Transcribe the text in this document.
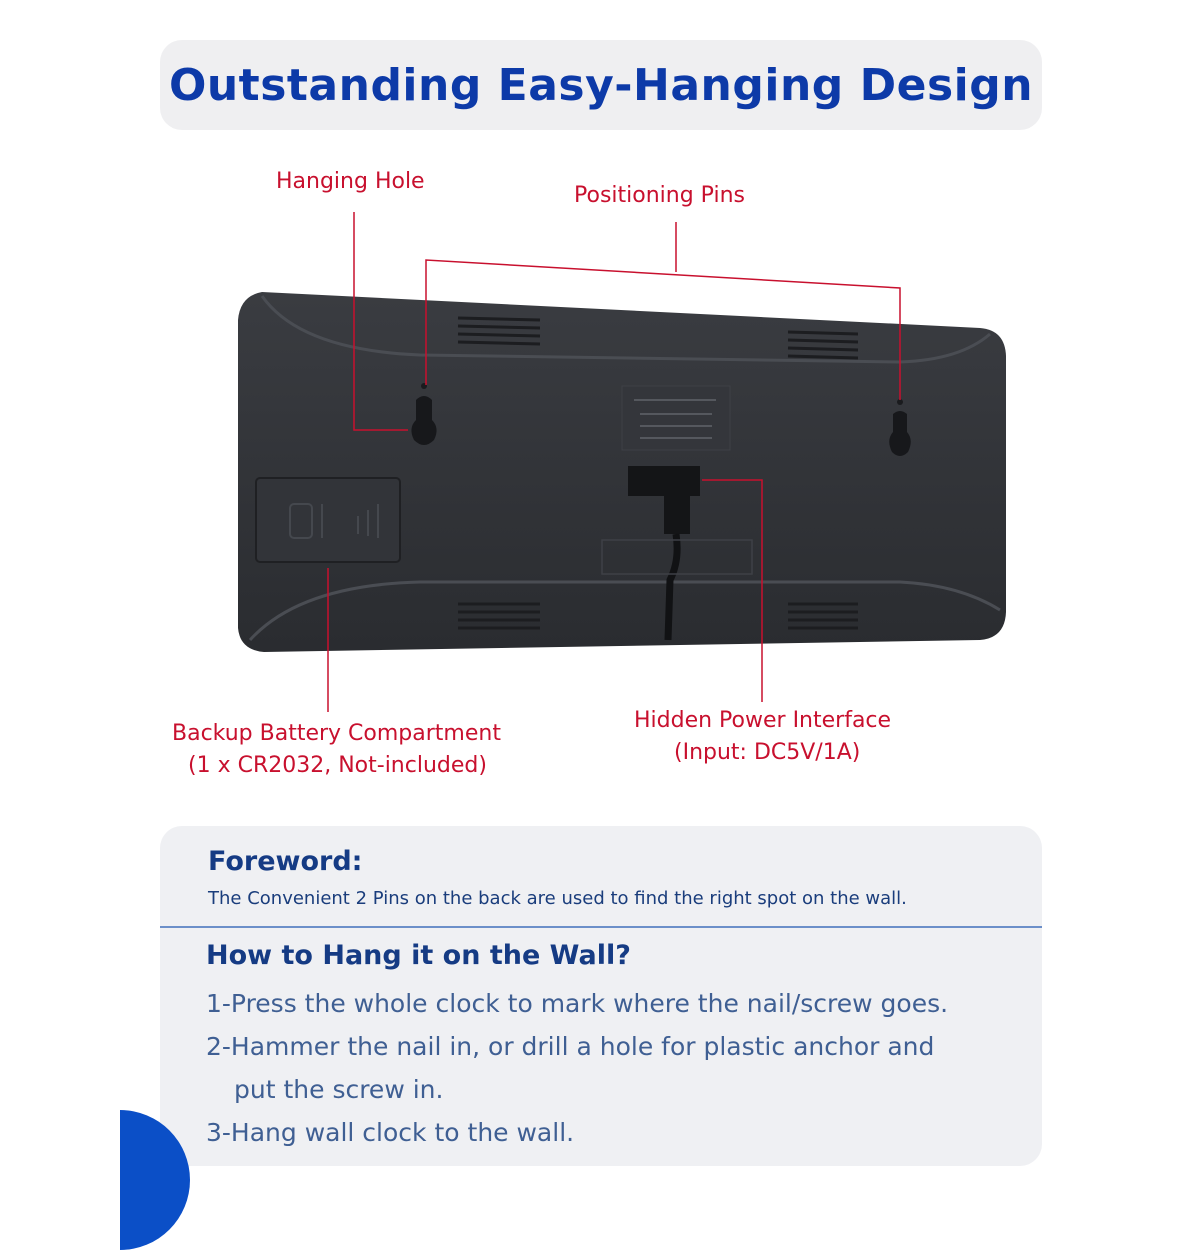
Outstanding Easy-Hanging Design
Hanging Hole
Positioning Pins
Backup Battery Compartment
(1 x CR2032, Not-included)
Hidden Power Interface
(Input: DC5V/1A)
Foreword:
The Convenient 2 Pins on the back are used to find the right spot on the wall.
How to Hang it on the Wall?
1-Press the whole clock to mark where the nail/screw goes.
2-Hammer the nail in, or drill a hole for plastic anchor and
put the screw in.
3-Hang wall clock to the wall.
